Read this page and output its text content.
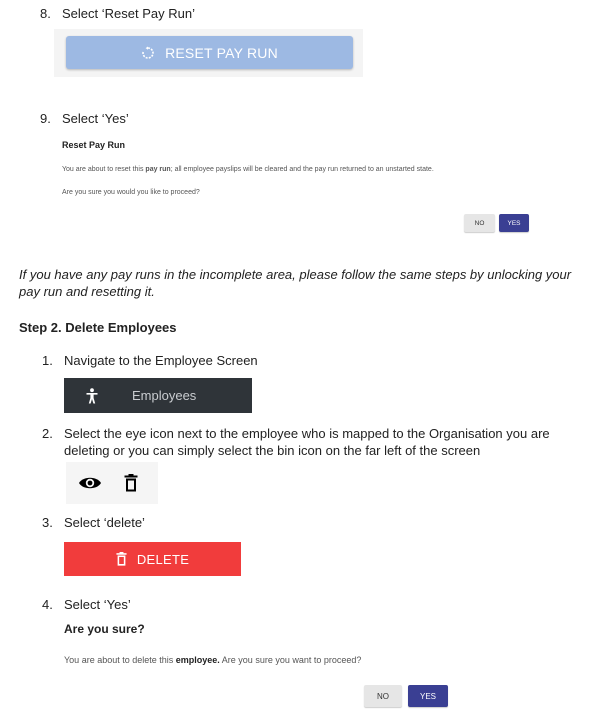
8. Select ‘Reset Pay Run’
RESET PAY RUN
9. Select ‘Yes’
Reset Pay Run
You are about to reset this pay run; all employee payslips will be cleared and the pay run returned to an unstarted state.
Are you sure you would you like to proceed?
NO	YES
If you have any pay runs in the incomplete area, please follow the same steps by unlocking your pay run and resetting it.
Step 2. Delete Employees
1. Navigate to the Employee Screen
Employees
2. Select the eye icon next to the employee who is mapped to the Organisation you are deleting or you can simply select the bin icon on the far left of the screen
3. Select ‘delete’
DELETE
4. Select ‘Yes’
Are you sure?
You are about to delete this employee. Are you sure you want to proceed?
NO	YES
